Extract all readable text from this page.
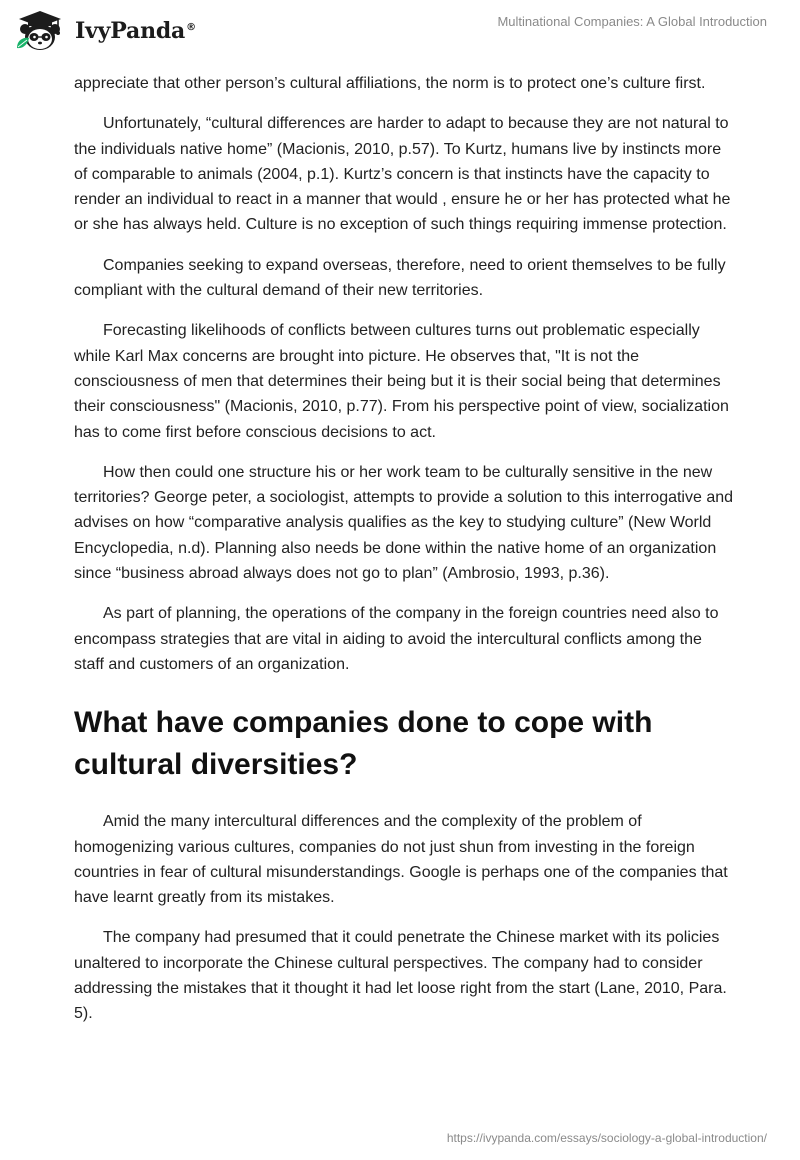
IvyPanda®	Multinational Companies: A Global Introduction

appreciate that other person’s cultural affiliations, the norm is to protect one’s culture first.

Unfortunately, “cultural differences are harder to adapt to because they are not natural to the individuals native home” (Macionis, 2010, p.57). To Kurtz, humans live by instincts more of comparable to animals (2004, p.1). Kurtz’s concern is that instincts have the capacity to render an individual to react in a manner that would , ensure he or her has protected what he or she has always held. Culture is no exception of such things requiring immense protection.

Companies seeking to expand overseas, therefore, need to orient themselves to be fully compliant with the cultural demand of their new territories.

Forecasting likelihoods of conflicts between cultures turns out problematic especially while Karl Max concerns are brought into picture. He observes that, "It is not the consciousness of men that determines their being but it is their social being that determines their consciousness" (Macionis, 2010, p.77). From his perspective point of view, socialization has to come first before conscious decisions to act.

How then could one structure his or her work team to be culturally sensitive in the new territories? George peter, a sociologist, attempts to provide a solution to this interrogative and advises on how “comparative analysis qualifies as the key to studying culture” (New World Encyclopedia, n.d). Planning also needs be done within the native home of an organization since “business abroad always does not go to plan” (Ambrosio, 1993, p.36).

As part of planning, the operations of the company in the foreign countries need also to encompass strategies that are vital in aiding to avoid the intercultural conflicts among the staff and customers of an organization.

What have companies done to cope with cultural diversities?

Amid the many intercultural differences and the complexity of the problem of homogenizing various cultures, companies do not just shun from investing in the foreign countries in fear of cultural misunderstandings. Google is perhaps one of the companies that have learnt greatly from its mistakes.

The company had presumed that it could penetrate the Chinese market with its policies unaltered to incorporate the Chinese cultural perspectives. The company had to consider addressing the mistakes that it thought it had let loose right from the start (Lane, 2010, Para. 5).

https://ivypanda.com/essays/sociology-a-global-introduction/
